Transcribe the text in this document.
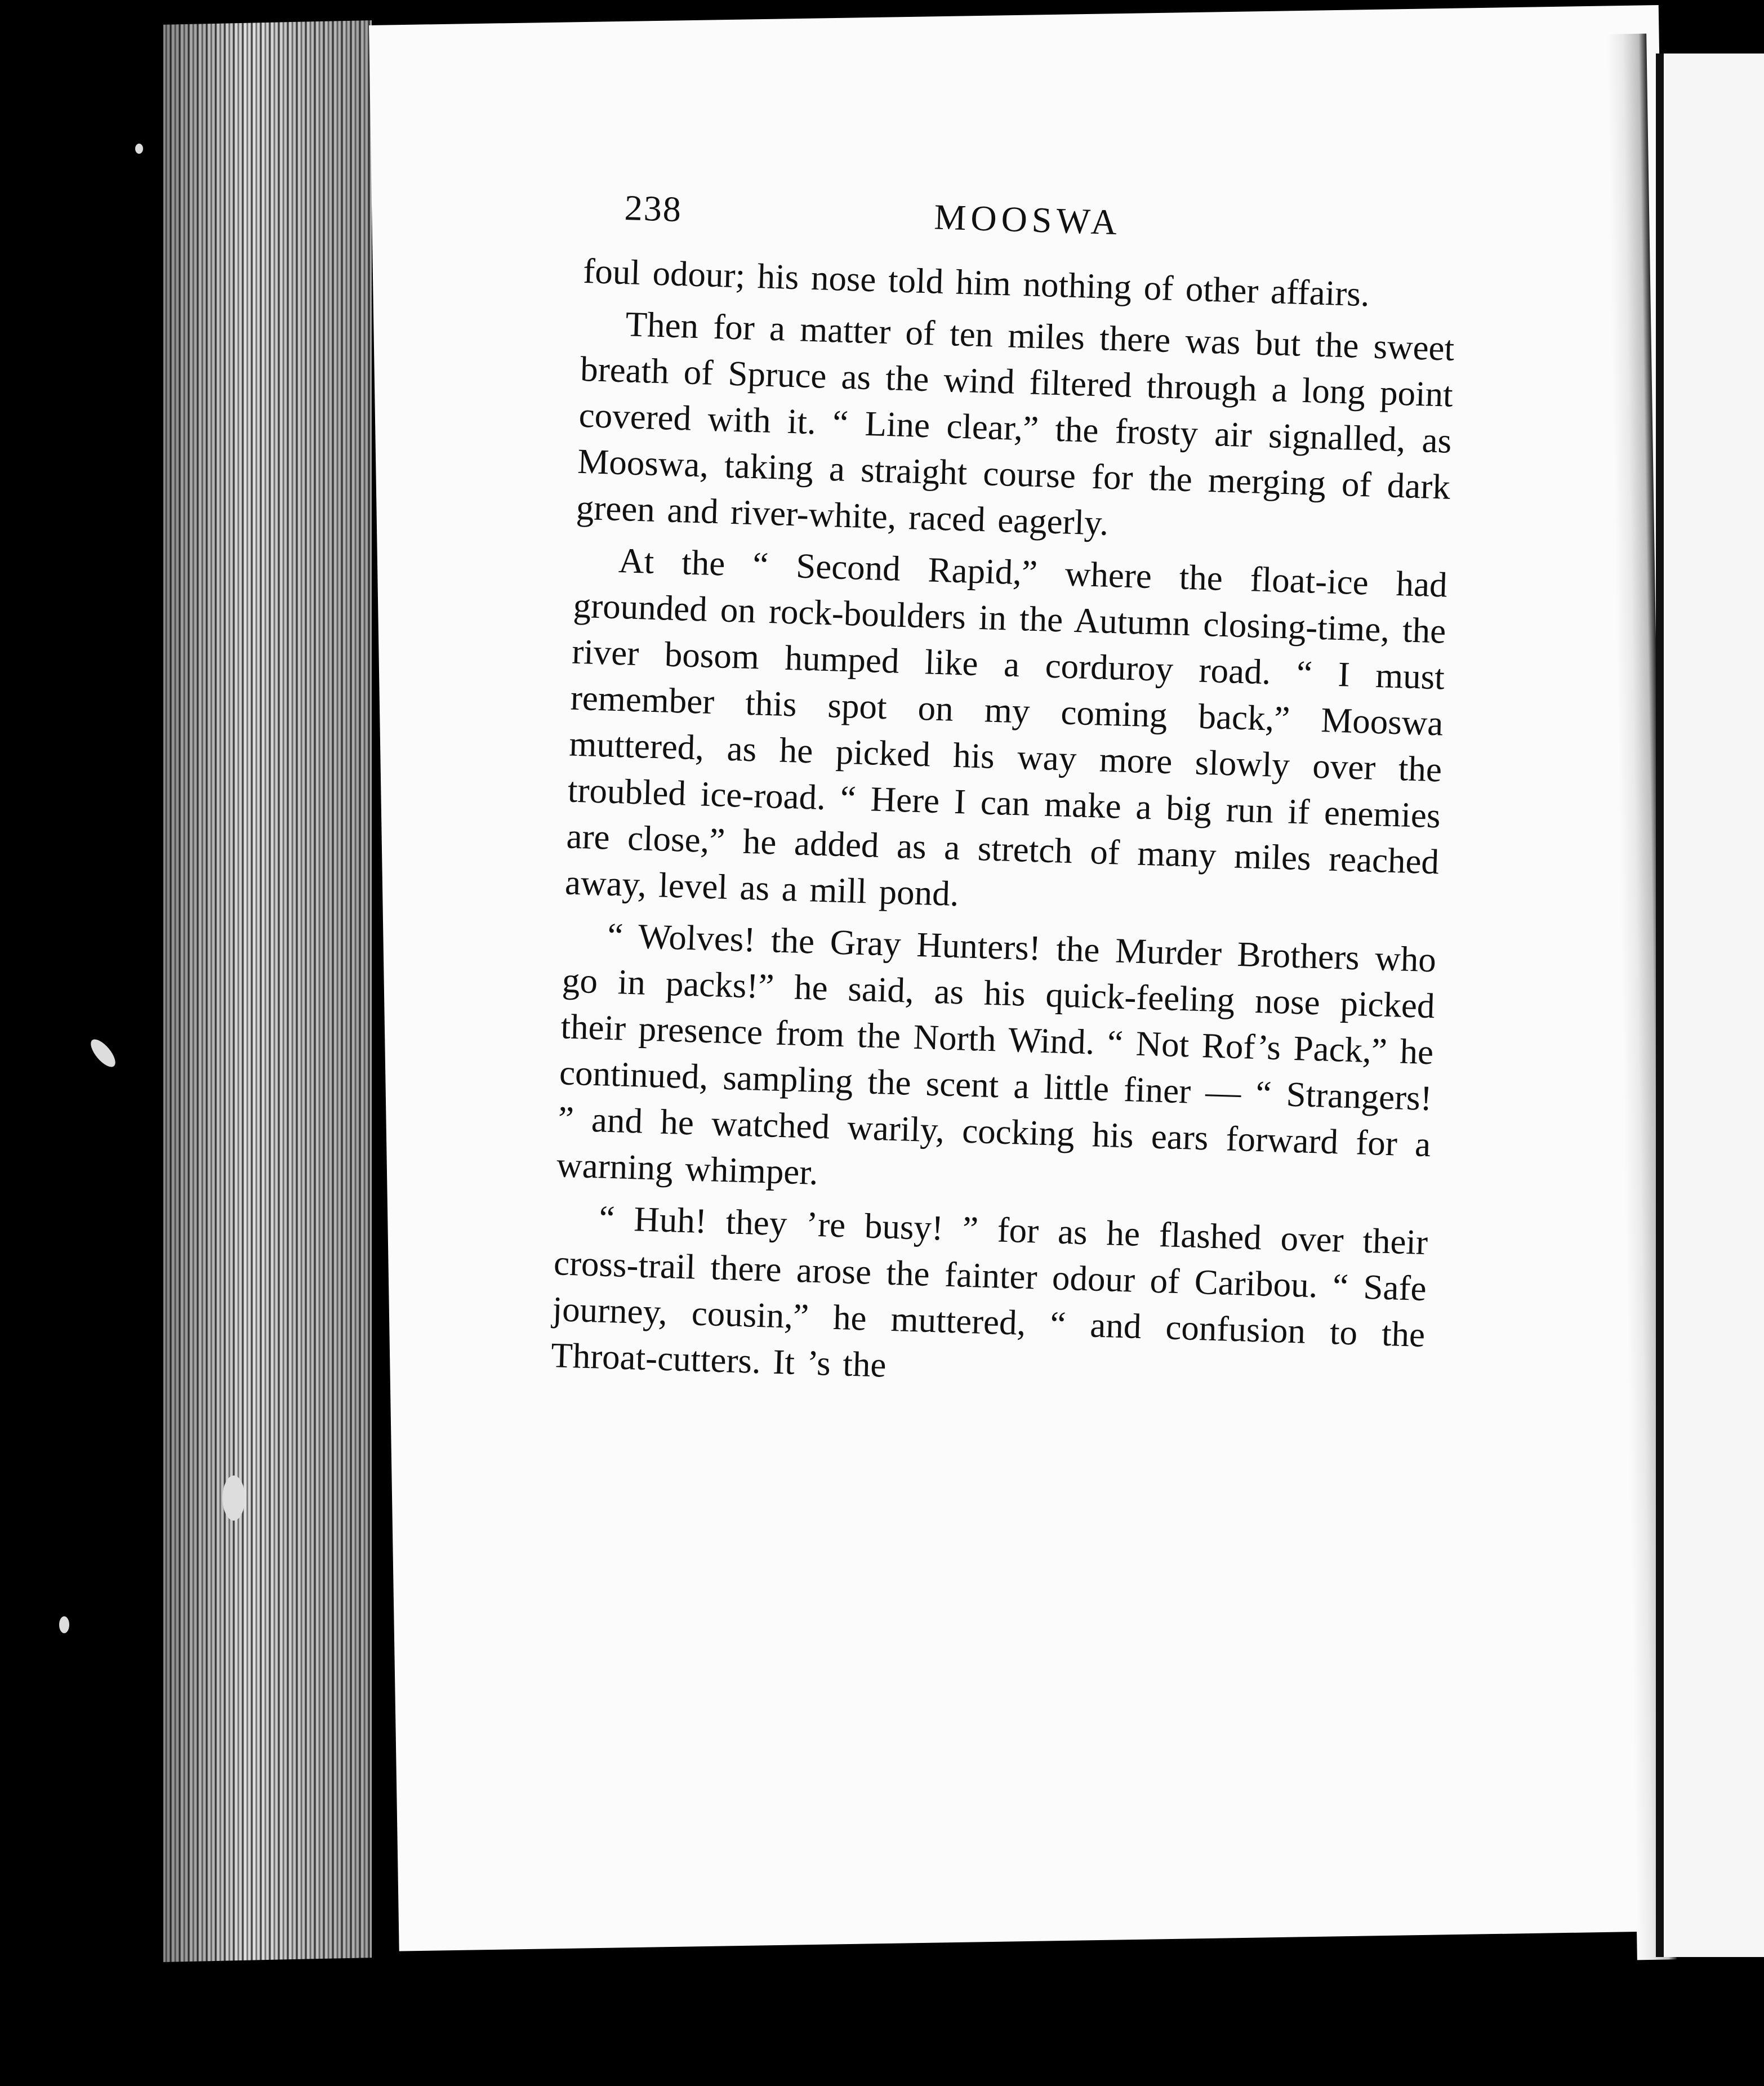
238	MOOSWA

foul odour; his nose told him nothing of other affairs.

Then for a matter of ten miles there was but the sweet breath of Spruce as the wind filtered through a long point covered with it. “ Line clear,” the frosty air signalled, as Mooswa, taking a straight course for the merging of dark green and river-white, raced eagerly.

At the “ Second Rapid,” where the float-ice had grounded on rock-boulders in the Autumn closing-time, the river bosom humped like a corduroy road. “ I must remember this spot on my coming back,” Mooswa muttered, as he picked his way more slowly over the troubled ice-road. “ Here I can make a big run if enemies are close,” he added as a stretch of many miles reached away, level as a mill pond.

“ Wolves! the Gray Hunters! the Murder Brothers who go in packs!” he said, as his quick-feeling nose picked their presence from the North Wind. “ Not Rof’s Pack,” he continued, sampling the scent a little finer — “ Strangers! ” and he watched warily, cocking his ears forward for a warning whimper.

“ Huh! they ’re busy! ” for as he flashed over their cross-trail there arose the fainter odour of Caribou. “ Safe journey, cousin,” he muttered, “ and confusion to the Throat-cutters. It ’s the
